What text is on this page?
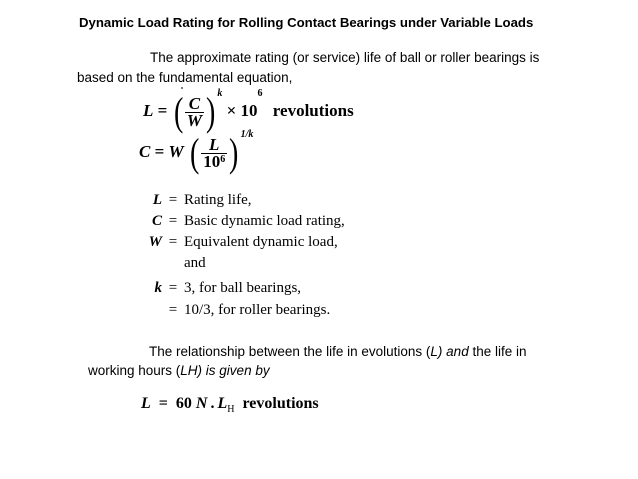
Dynamic Load Rating for Rolling Contact Bearings under Variable Loads
The approximate rating (or service) life of ball or roller bearings is
based on the fundamental equation,
L = ( $\frac{C}{W}$ ) $^k \times 10^6$ revolutions
C = W ( $\frac{L}{10^6}$ ) $^{1/k}$
L = Rating life,
C = Basic dynamic load rating,
W = Equivalent dynamic load,
and
k = 3, for ball bearings,
= 10/3, for roller bearings.
The relationship between the life in evolutions (L) and the life in
working hours (LH) is given by
L = 60 N . $L_H$ revolutions
